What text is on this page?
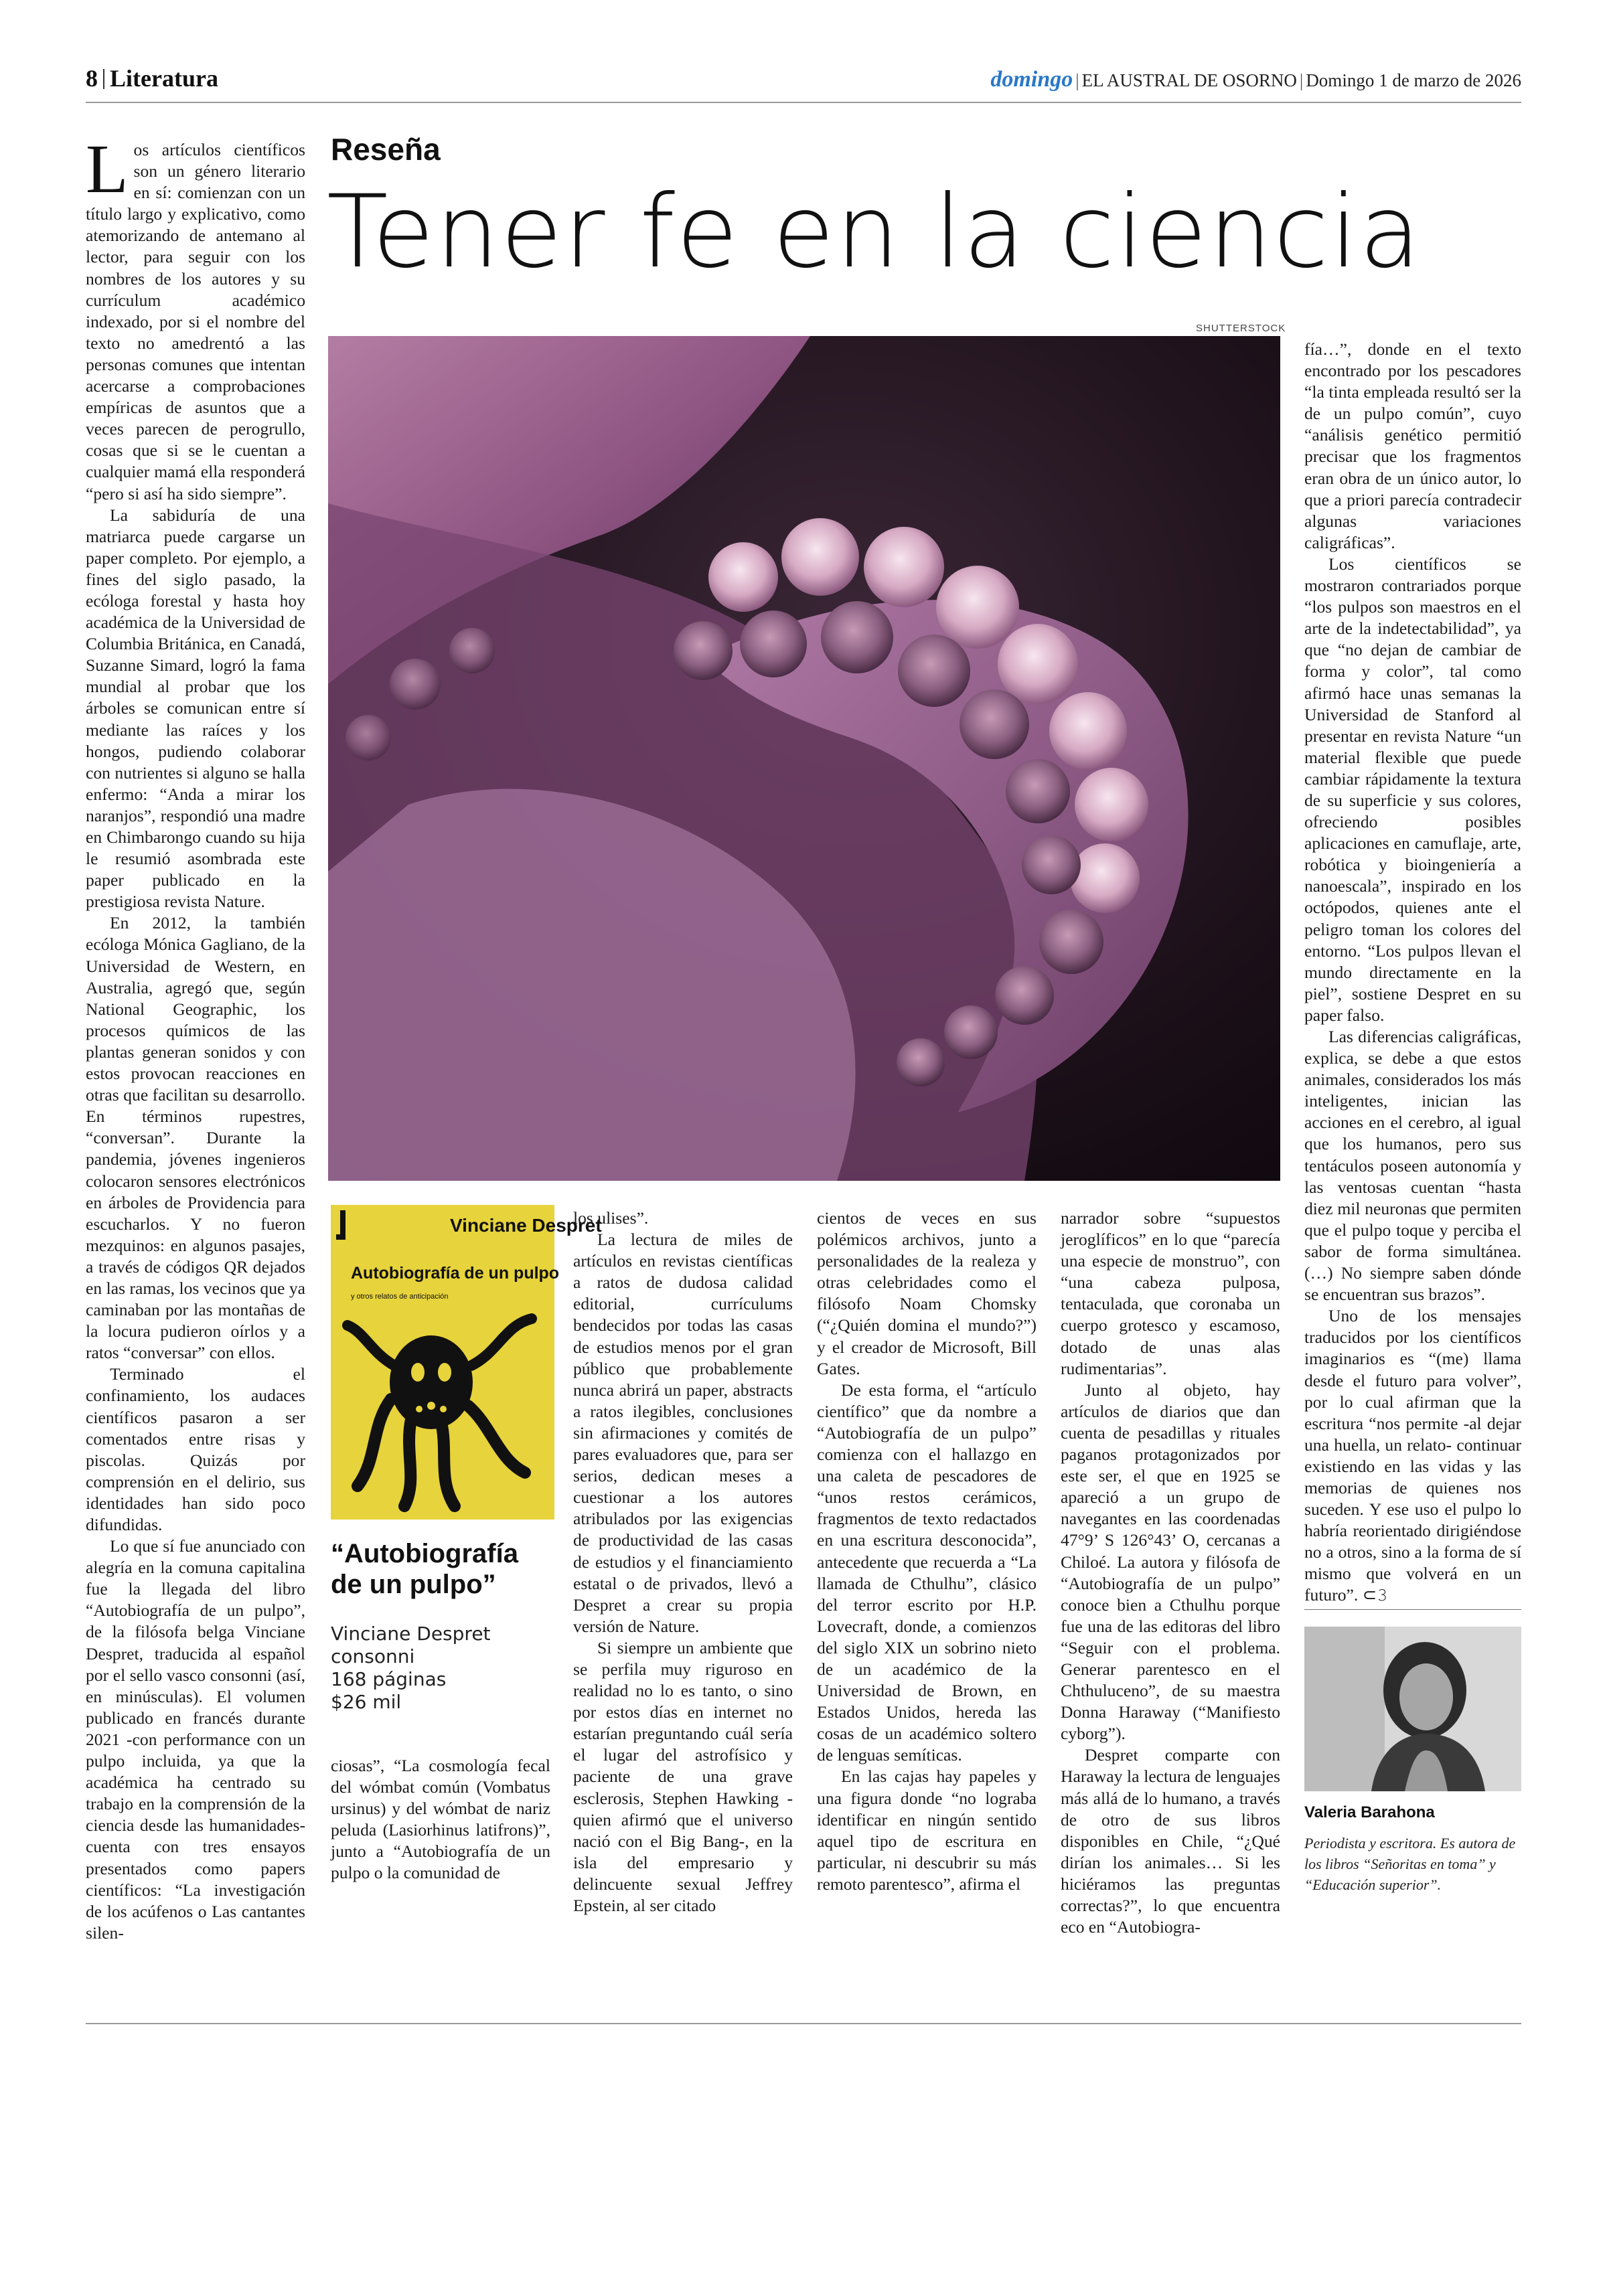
8 Literatura	domingo | EL AUSTRAL DE OSORNO | Domingo 1 de marzo de 2026
Reseña
Tener fe en la ciencia
SHUTTERSTOCK

Los artículos científicos son un género literario en sí: comienzan con un título largo y explicativo, como atemorizando de antemano al lector, para seguir con los nombres de los autores y su currículum académico indexado, por si el nombre del texto no amedrentó a las personas comunes que intentan acercarse a comprobaciones empíricas de asuntos que a veces parecen de perogrullo, cosas que si se le cuentan a cualquier mamá ella responderá “pero si así ha sido siempre”.

La sabiduría de una matriarca puede cargarse un paper completo. Por ejemplo, a fines del siglo pasado, la ecóloga forestal y hasta hoy académica de la Universidad de Columbia Británica, en Canadá, Suzanne Simard, logró la fama mundial al probar que los árboles se comunican entre sí mediante las raíces y los hongos, pudiendo colaborar con nutrientes si alguno se halla enfermo: “Anda a mirar los naranjos”, respondió una madre en Chimbarongo cuando su hija le resumió asombrada este paper publicado en la prestigiosa revista Nature.

En 2012, la también ecóloga Mónica Gagliano, de la Universidad de Western, en Australia, agregó que, según National Geographic, los procesos químicos de las plantas generan sonidos y con estos provocan reacciones en otras que facilitan su desarrollo. En términos rupestres, “conversan”. Durante la pandemia, jóvenes ingenieros colocaron sensores electrónicos en árboles de Providencia para escucharlos. Y no fueron mezquinos: en algunos pasajes, a través de códigos QR dejados en las ramas, los vecinos que ya caminaban por las montañas de la locura pudieron oírlos y a ratos “conversar” con ellos.

Terminado el confinamiento, los audaces científicos pasaron a ser comentados entre risas y piscolas. Quizás por comprensión en el delirio, sus identidades han sido poco difundidas.

Lo que sí fue anunciado con alegría en la comuna capitalina fue la llegada del libro “Autobiografía de un pulpo”, de la filósofa belga Vinciane Despret, traducida al español por el sello vasco consonni (así, en minúsculas). El volumen publicado en francés durante 2021 -con performance con un pulpo incluida, ya que la académica ha centrado su trabajo en la comprensión de la ciencia desde las humanidades- cuenta con tres ensayos presentados como papers científicos: “La investigación de los acúfenos o Las cantantes silen-

Vinciane Despret
Autobiografía de un pulpo
y otros relatos de anticipación
“Autobiografía de un pulpo”
Vinciane Despret
consonni
168 páginas
$26 mil

ciosas”, “La cosmología fecal del wómbat común (Vombatus ursinus) y del wómbat de nariz peluda (Lasiorhinus latifrons)”, junto a “Autobiografía de un pulpo o la comunidad de

los ulises”.

La lectura de miles de artículos en revistas científicas a ratos de dudosa calidad editorial, currículums bendecidos por todas las casas de estudios menos por el gran público que probablemente nunca abrirá un paper, abstracts a ratos ilegibles, conclusiones sin afirmaciones y comités de pares evaluadores que, para ser serios, dedican meses a cuestionar a los autores atribulados por las exigencias de productividad de las casas de estudios y el financiamiento estatal o de privados, llevó a Despret a crear su propia versión de Nature.

Si siempre un ambiente que se perfila muy riguroso en realidad no lo es tanto, o sino por estos días en internet no estarían preguntando cuál sería el lugar del astrofísico y paciente de una grave esclerosis, Stephen Hawking -quien afirmó que el universo nació con el Big Bang-, en la isla del empresario y delincuente sexual Jeffrey Epstein, al ser citado

cientos de veces en sus polémicos archivos, junto a personalidades de la realeza y otras celebridades como el filósofo Noam Chomsky (“¿Quién domina el mundo?”) y el creador de Microsoft, Bill Gates.

De esta forma, el “artículo científico” que da nombre a “Autobiografía de un pulpo” comienza con el hallazgo en una caleta de pescadores de “unos restos cerámicos, fragmentos de texto redactados en una escritura desconocida”, antecedente que recuerda a “La llamada de Cthulhu”, clásico del terror escrito por H.P. Lovecraft, donde, a comienzos del siglo XIX un sobrino nieto de un académico de la Universidad de Brown, en Estados Unidos, hereda las cosas de un académico soltero de lenguas semíticas.

En las cajas hay papeles y una figura donde “no lograba identificar en ningún sentido aquel tipo de escritura en particular, ni descubrir su más remoto parentesco”, afirma el

narrador sobre “supuestos jeroglíficos” en lo que “parecía una especie de monstruo”, con “una cabeza pulposa, tentaculada, que coronaba un cuerpo grotesco y escamoso, dotado de unas alas rudimentarias”.

Junto al objeto, hay artículos de diarios que dan cuenta de pesadillas y rituales paganos protagonizados por este ser, el que en 1925 se apareció a un grupo de navegantes en las coordenadas 47°9’ S 126°43’ O, cercanas a Chiloé. La autora y filósofa de “Autobiografía de un pulpo” conoce bien a Cthulhu porque fue una de las editoras del libro “Seguir con el problema. Generar parentesco en el Chthuluceno”, de su maestra Donna Haraway (“Manifiesto cyborg”).

Despret comparte con Haraway la lectura de lenguajes más allá de lo humano, a través de otro de sus libros disponibles en Chile, “¿Qué dirían los animales… Si les hiciéramos las preguntas correctas?”, lo que encuentra eco en “Autobiogra-

fía…”, donde en el texto encontrado por los pescadores “la tinta empleada resultó ser la de un pulpo común”, cuyo “análisis genético permitió precisar que los fragmentos eran obra de un único autor, lo que a priori parecía contradecir algunas variaciones caligráficas”.

Los científicos se mostraron contrariados porque “los pulpos son maestros en el arte de la indetectabilidad”, ya que “no dejan de cambiar de forma y color”, tal como afirmó hace unas semanas la Universidad de Stanford al presentar en revista Nature “un material flexible que puede cambiar rápidamente la textura de su superficie y sus colores, ofreciendo posibles aplicaciones en camuflaje, arte, robótica y bioingeniería a nanoescala”, inspirado en los octópodos, quienes ante el peligro toman los colores del entorno. “Los pulpos llevan el mundo directamente en la piel”, sostiene Despret en su paper falso.

Las diferencias caligráficas, explica, se debe a que estos animales, considerados los más inteligentes, inician las acciones en el cerebro, al igual que los humanos, pero sus tentáculos poseen autonomía y las ventosas cuentan “hasta diez mil neuronas que permiten que el pulpo toque y perciba el sabor de forma simultánea. (…) No siempre saben dónde se encuentran sus brazos”.

Uno de los mensajes traducidos por los científicos imaginarios es “(me) llama desde el futuro para volver”, por lo cual afirman que la escritura “nos permite -al dejar una huella, un relato- continuar existiendo en las vidas y las memorias de quienes nos suceden. Y ese uso el pulpo lo habría reorientado dirigiéndose no a otros, sino a la forma de sí mismo que volverá en un futuro”. ⊂𝟹

Valeria Barahona
Periodista y escritora. Es autora de los libros “Señoritas en toma” y “Educación superior”.
